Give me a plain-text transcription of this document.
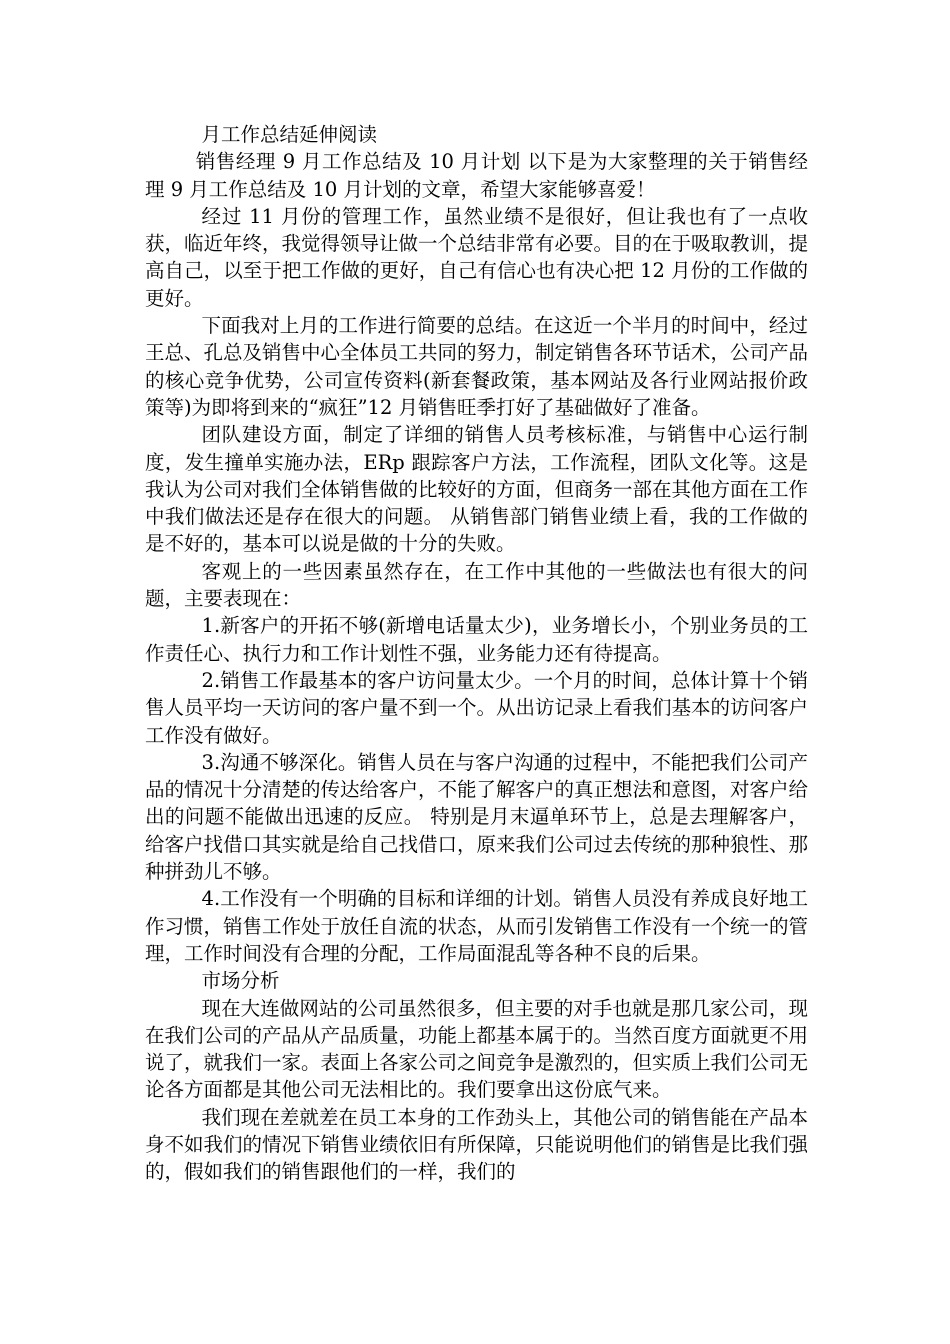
月工作总结延伸阅读

销售经理 9 月工作总结及 10 月计划 以下是为大家整理的关于销售经理 9 月工作总结及 10 月计划的文章，希望大家能够喜爱！

经过 11 月份的管理工作，虽然业绩不是很好，但让我也有了一点收获，临近年终，我觉得领导让做一个总结非常有必要。目的在于吸取教训，提高自己，以至于把工作做的更好，自己有信心也有决心把 12 月份的工作做的更好。

下面我对上月的工作进行简要的总结。在这近一个半月的时间中，经过王总、孔总及销售中心全体员工共同的努力，制定销售各环节话术，公司产品的核心竞争优势，公司宣传资料(新套餐政策，基本网站及各行业网站报价政策等)为即将到来的“疯狂”12 月销售旺季打好了基础做好了准备。

团队建设方面，制定了详细的销售人员考核标准，与销售中心运行制度，发生撞单实施办法，ERp 跟踪客户方法，工作流程，团队文化等。这是我认为公司对我们全体销售做的比较好的方面，但商务一部在其他方面在工作中我们做法还是存在很大的问题。 从销售部门销售业绩上看，我的工作做的是不好的，基本可以说是做的十分的失败。

客观上的一些因素虽然存在，在工作中其他的一些做法也有很大的问题，主要表现在：

1.新客户的开拓不够(新增电话量太少)，业务增长小，个别业务员的工作责任心、执行力和工作计划性不强，业务能力还有待提高。

2.销售工作最基本的客户访问量太少。一个月的时间，总体计算十个销售人员平均一天访问的客户量不到一个。从出访记录上看我们基本的访问客户工作没有做好。

3.沟通不够深化。销售人员在与客户沟通的过程中，不能把我们公司产品的情况十分清楚的传达给客户，不能了解客户的真正想法和意图，对客户给出的问题不能做出迅速的反应。 特别是月末逼单环节上，总是去理解客户，给客户找借口其实就是给自己找借口，原来我们公司过去传统的那种狼性、那种拼劲儿不够。

4.工作没有一个明确的目标和详细的计划。销售人员没有养成良好地工作习惯，销售工作处于放任自流的状态，从而引发销售工作没有一个统一的管理，工作时间没有合理的分配，工作局面混乱等各种不良的后果。

市场分析

现在大连做网站的公司虽然很多，但主要的对手也就是那几家公司，现在我们公司的产品从产品质量，功能上都基本属于的。当然百度方面就更不用说了，就我们一家。表面上各家公司之间竞争是激烈的，但实质上我们公司无论各方面都是其他公司无法相比的。我们要拿出这份底气来。

我们现在差就差在员工本身的工作劲头上，其他公司的销售能在产品本身不如我们的情况下销售业绩依旧有所保障，只能说明他们的销售是比我们强的，假如我们的销售跟他们的一样，我们的
